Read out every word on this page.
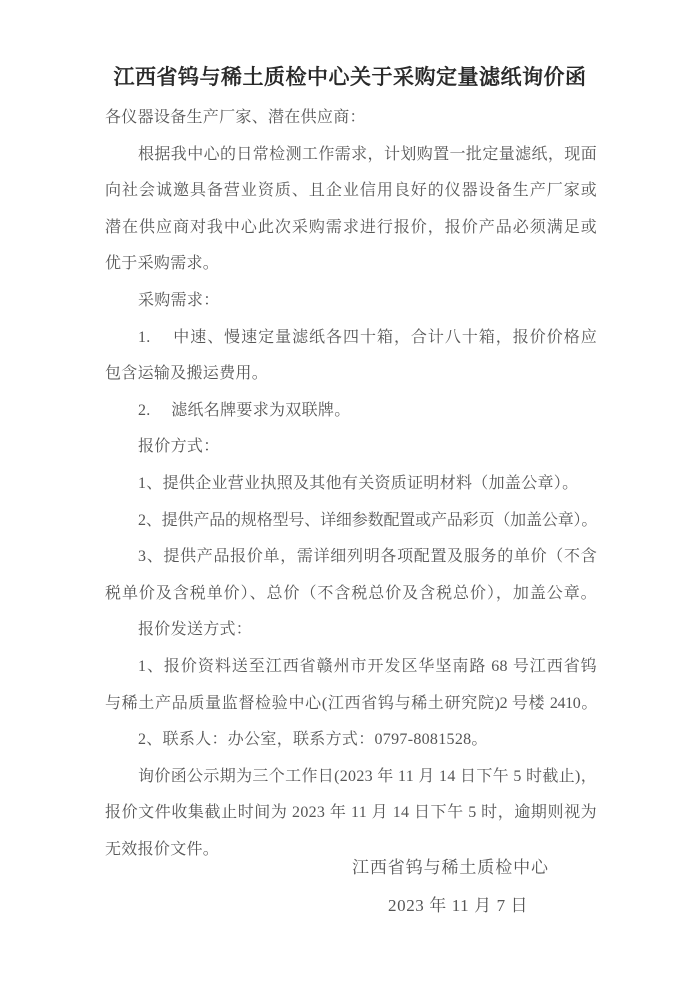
江西省钨与稀土质检中心关于采购定量滤纸询价函
各仪器设备生产厂家、潜在供应商：
根据我中心的日常检测工作需求，计划购置一批定量滤纸，现面
向社会诚邀具备营业资质、且企业信用良好的仪器设备生产厂家或
潜在供应商对我中心此次采购需求进行报价，报价产品必须满足或
优于采购需求。
采购需求：
1.　 中速、慢速定量滤纸各四十箱，合计八十箱，报价价格应
包含运输及搬运费用。
2.　 滤纸名牌要求为双联牌。
报价方式：
1、提供企业营业执照及其他有关资质证明材料（加盖公章）。
2、提供产品的规格型号、详细参数配置或产品彩页（加盖公章）。
3、提供产品报价单，需详细列明各项配置及服务的单价（不含
税单价及含税单价）、总价（不含税总价及含税总价），加盖公章。
报价发送方式：
1、报价资料送至江西省赣州市开发区华坚南路 68 号江西省钨
与稀土产品质量监督检验中心(江西省钨与稀土研究院)2 号楼 2410。
2、联系人：办公室，联系方式：0797-8081528。
询价函公示期为三个工作日(2023 年 11 月 14 日下午 5 时截止)，
报价文件收集截止时间为 2023 年 11 月 14 日下午 5 时，逾期则视为
无效报价文件。
江西省钨与稀土质检中心
2023 年 11 月 7 日
